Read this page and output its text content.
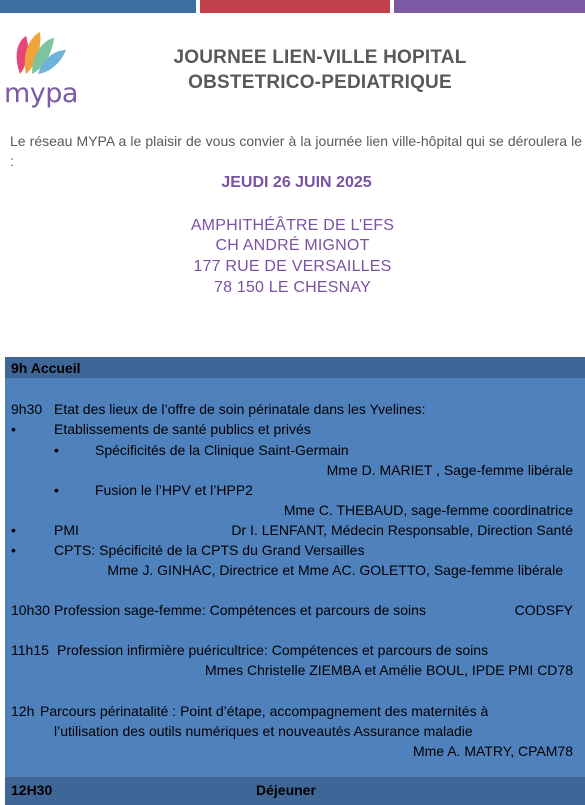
mypa
JOURNEE LIEN-VILLE HOPITAL
OBSTETRICO-PEDIATRIQUE
Le réseau MYPA a le plaisir de vous convier à la journée lien ville-hôpital qui se déroulera le :
JEUDI 26 JUIN 2025
AMPHITHÉÂTRE DE L’EFS
CH ANDRÉ MIGNOT
177 RUE DE VERSAILLES
78 150 LE CHESNAY
9h Accueil
9h30 Etat des lieux de l’offre de soin périnatale dans les Yvelines:
•	Etablissements de santé publics et privés
•	Spécificités de la Clinique Saint-Germain
Mme D. MARIET , Sage-femme libérale
•	Fusion le l’HPV et l’HPP2
Mme C. THEBAUD, sage-femme coordinatrice
•	PMI	Dr I. LENFANT, Médecin Responsable, Direction Santé
•	CPTS: Spécificité de la CPTS du Grand Versailles
Mme J. GINHAC, Directrice et Mme AC. GOLETTO, Sage-femme libérale
10h30 Profession sage-femme: Compétences et parcours de soins	CODSFY
11h15 Profession infirmière puéricultrice: Compétences et parcours de soins
Mmes Christelle ZIEMBA et Amélie BOUL, IPDE PMI CD78
12h Parcours périnatalité : Point d’étape, accompagnement des maternités à
l’utilisation des outils numériques et nouveautés Assurance maladie
Mme A. MATRY, CPAM78
12H30	Déjeuner
